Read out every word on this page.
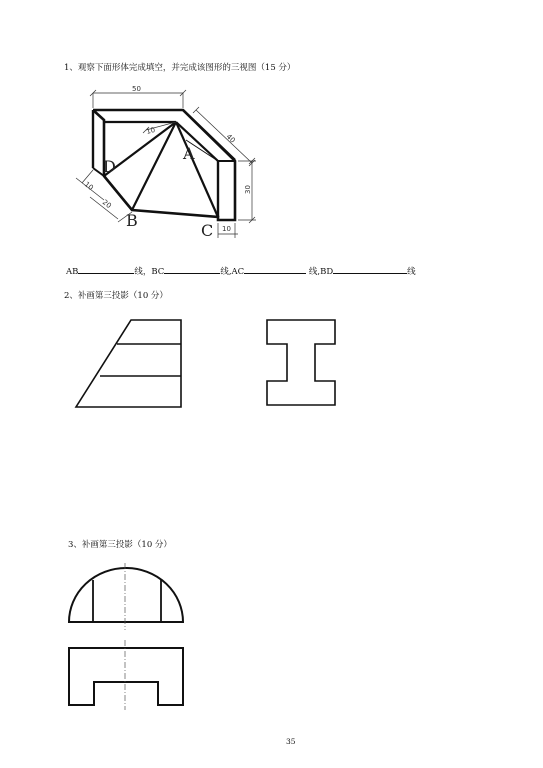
1、观察下面形体完成填空，并完成该图形的三视图（15 分）
50
40
10
10
20
30
10
A
B
C
D
AB	线，BC	线,AC	线,BD	线
2、补画第三投影（10 分）
3、补画第三投影（10 分）
35
